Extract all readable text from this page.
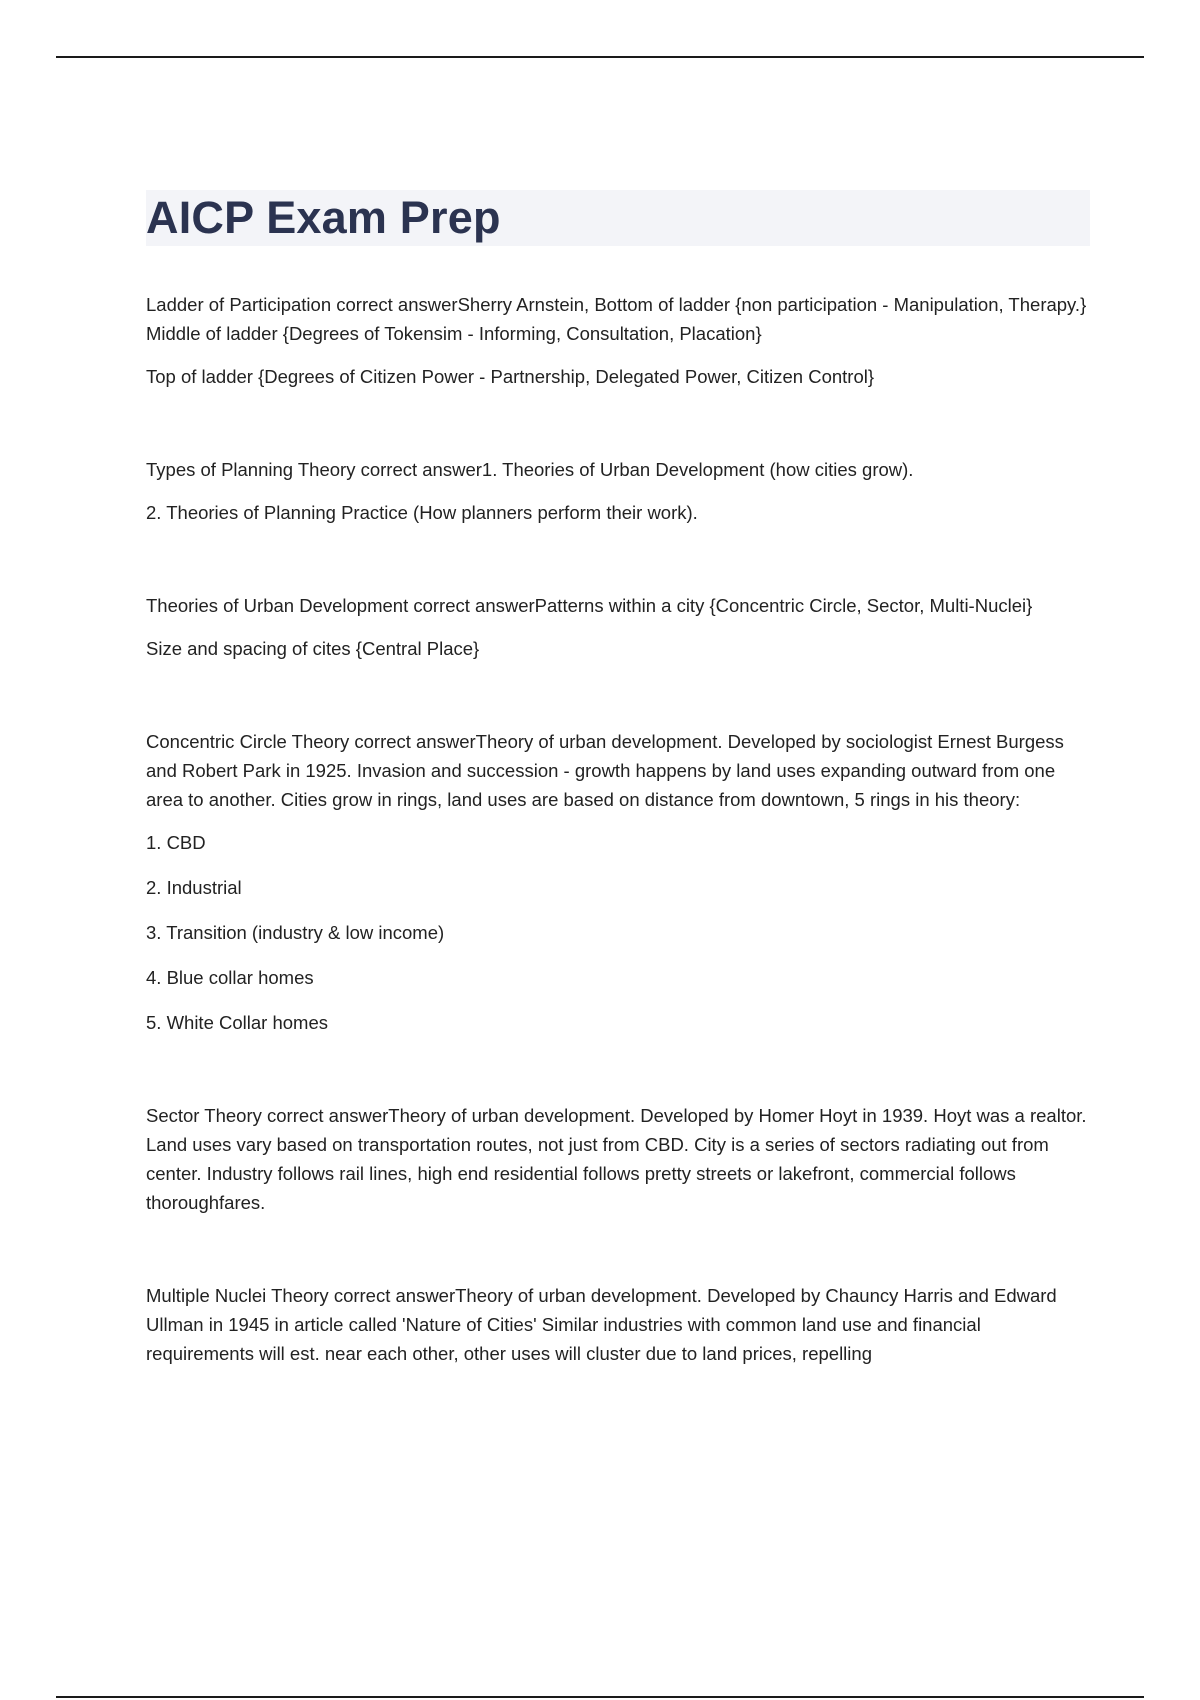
AICP Exam Prep

Ladder of Participation correct answerSherry Arnstein, Bottom of ladder {non participation - Manipulation, Therapy.} Middle of ladder {Degrees of Tokensim - Informing, Consultation, Placation}

Top of ladder {Degrees of Citizen Power - Partnership, Delegated Power, Citizen Control}

Types of Planning Theory correct answer1. Theories of Urban Development (how cities grow).

2. Theories of Planning Practice (How planners perform their work).

Theories of Urban Development correct answerPatterns within a city {Concentric Circle, Sector, Multi-Nuclei}

Size and spacing of cites {Central Place}

Concentric Circle Theory correct answerTheory of urban development. Developed by sociologist Ernest Burgess and Robert Park in 1925. Invasion and succession - growth happens by land uses expanding outward from one area to another. Cities grow in rings, land uses are based on distance from downtown, 5 rings in his theory:

1. CBD
2. Industrial
3. Transition (industry & low income)
4. Blue collar homes
5. White Collar homes

Sector Theory correct answerTheory of urban development. Developed by Homer Hoyt in 1939. Hoyt was a realtor. Land uses vary based on transportation routes, not just from CBD. City is a series of sectors radiating out from center. Industry follows rail lines, high end residential follows pretty streets or lakefront, commercial follows thoroughfares.

Multiple Nuclei Theory correct answerTheory of urban development. Developed by Chauncy Harris and Edward Ullman in 1945 in article called 'Nature of Cities' Similar industries with common land use and financial requirements will est. near each other, other uses will cluster due to land prices, repelling
